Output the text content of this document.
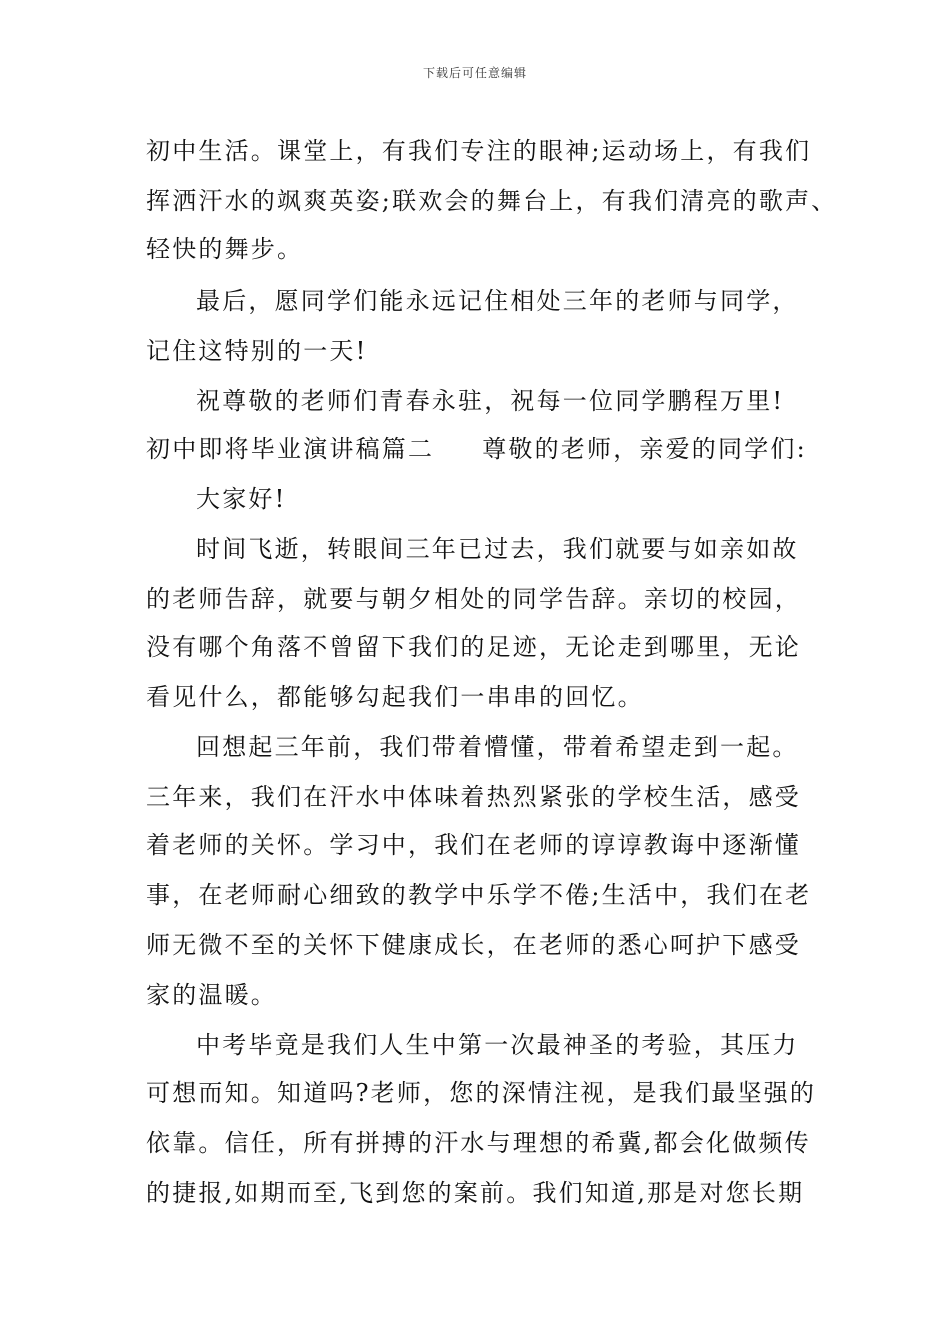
下载后可任意编辑
初中生活。课堂上，有我们专注的眼神;运动场上，有我们
挥洒汗水的飒爽英姿;联欢会的舞台上，有我们清亮的歌声、
轻快的舞步。
最后，愿同学们能永远记住相处三年的老师与同学，
记住这特别的一天!
祝尊敬的老师们青春永驻，祝每一位同学鹏程万里!
初中即将毕业演讲稿篇二 尊敬的老师，亲爱的同学们:
大家好!
时间飞逝，转眼间三年已过去，我们就要与如亲如故
的老师告辞，就要与朝夕相处的同学告辞。亲切的校园，
没有哪个角落不曾留下我们的足迹，无论走到哪里，无论
看见什么，都能够勾起我们一串串的回忆。
回想起三年前，我们带着懵懂，带着希望走到一起。
三年来，我们在汗水中体味着热烈紧张的学校生活，感受
着老师的关怀。学习中，我们在老师的谆谆教诲中逐渐懂
事，在老师耐心细致的教学中乐学不倦;生活中，我们在老
师无微不至的关怀下健康成长，在老师的悉心呵护下感受
家的温暖。
中考毕竟是我们人生中第一次最神圣的考验，其压力
可想而知。知道吗?老师，您的深情注视，是我们最坚强的
依靠。信任，所有拼搏的汗水与理想的希冀,都会化做频传
的捷报,如期而至,飞到您的案前。我们知道,那是对您长期
